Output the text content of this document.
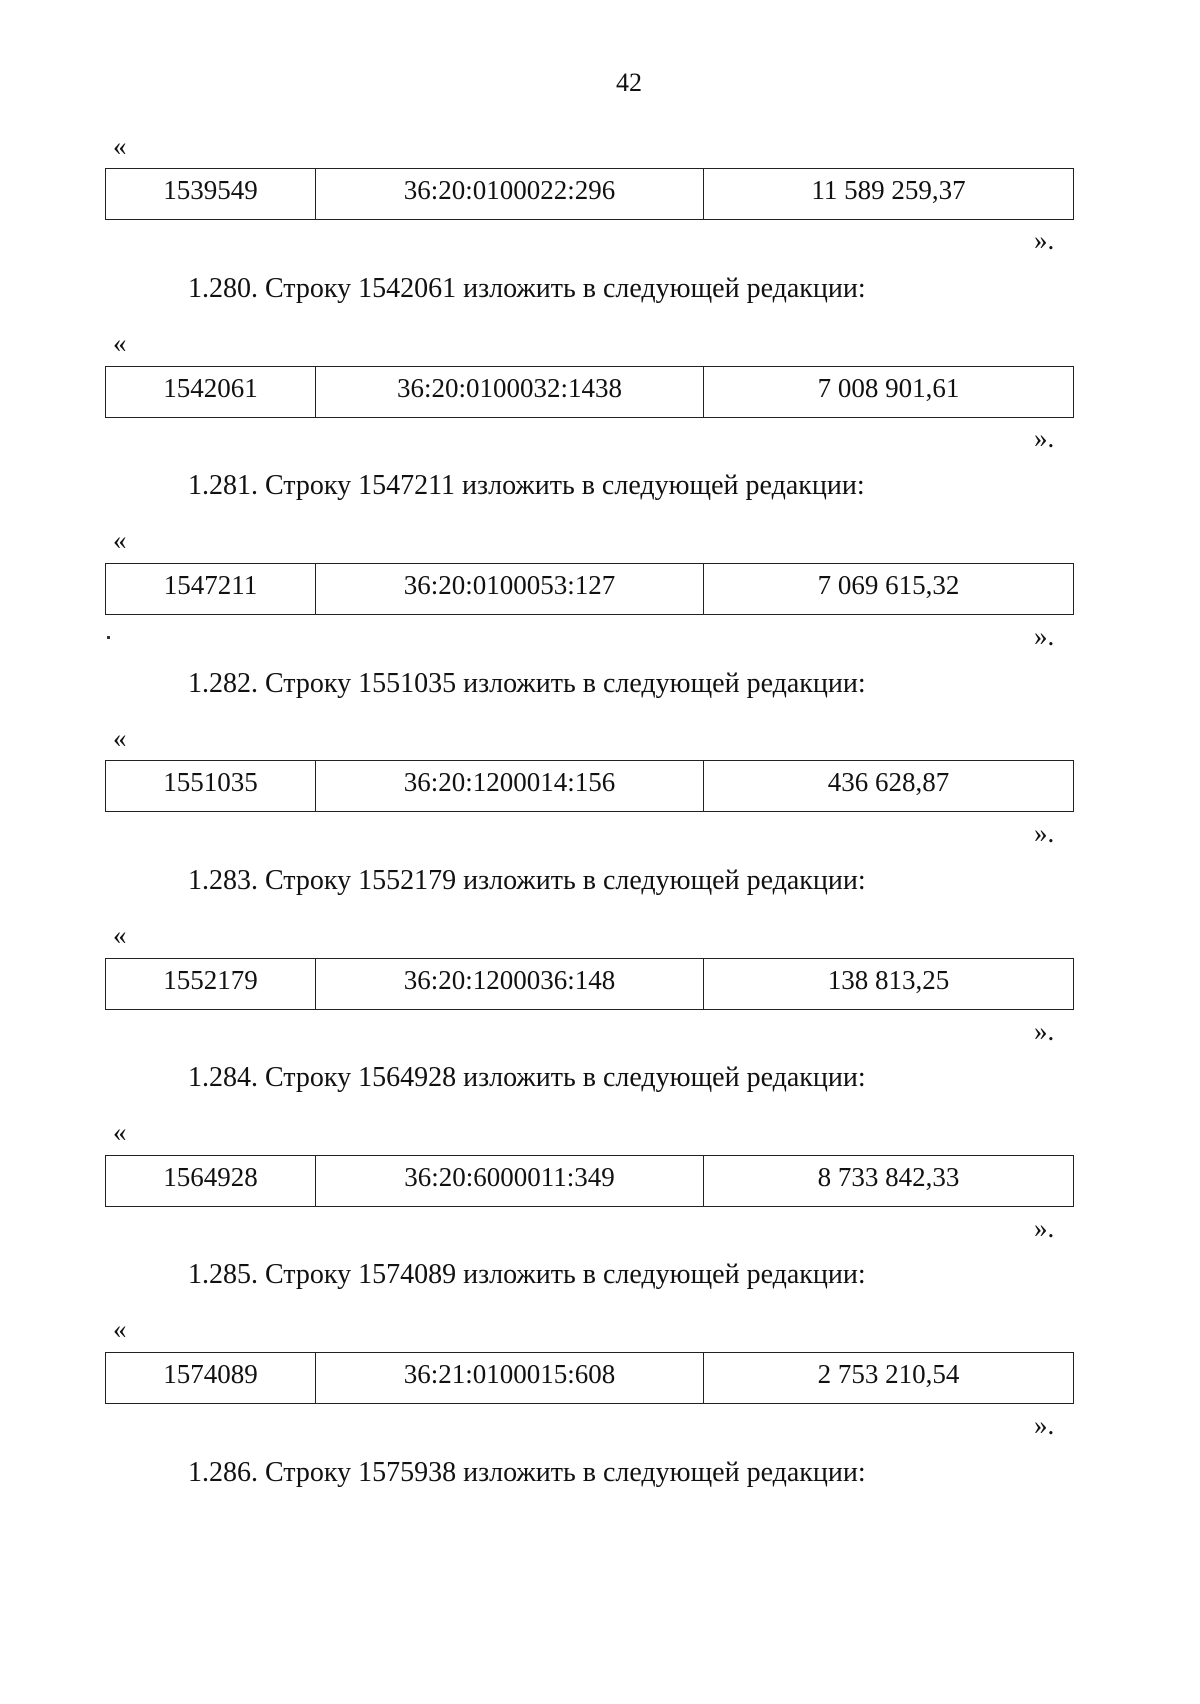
42
«
1539549	36:20:0100022:296	11 589 259,37
».
1.280. Строку 1542061 изложить в следующей редакции:
«
1542061	36:20:0100032:1438	7 008 901,61
».
1.281. Строку 1547211 изложить в следующей редакции:
«
1547211	36:20:0100053:127	7 069 615,32
».
1.282. Строку 1551035 изложить в следующей редакции:
«
1551035	36:20:1200014:156	436 628,87
».
1.283. Строку 1552179 изложить в следующей редакции:
«
1552179	36:20:1200036:148	138 813,25
».
1.284. Строку 1564928 изложить в следующей редакции:
«
1564928	36:20:6000011:349	8 733 842,33
».
1.285. Строку 1574089 изложить в следующей редакции:
«
1574089	36:21:0100015:608	2 753 210,54
».
1.286. Строку 1575938 изложить в следующей редакции:
